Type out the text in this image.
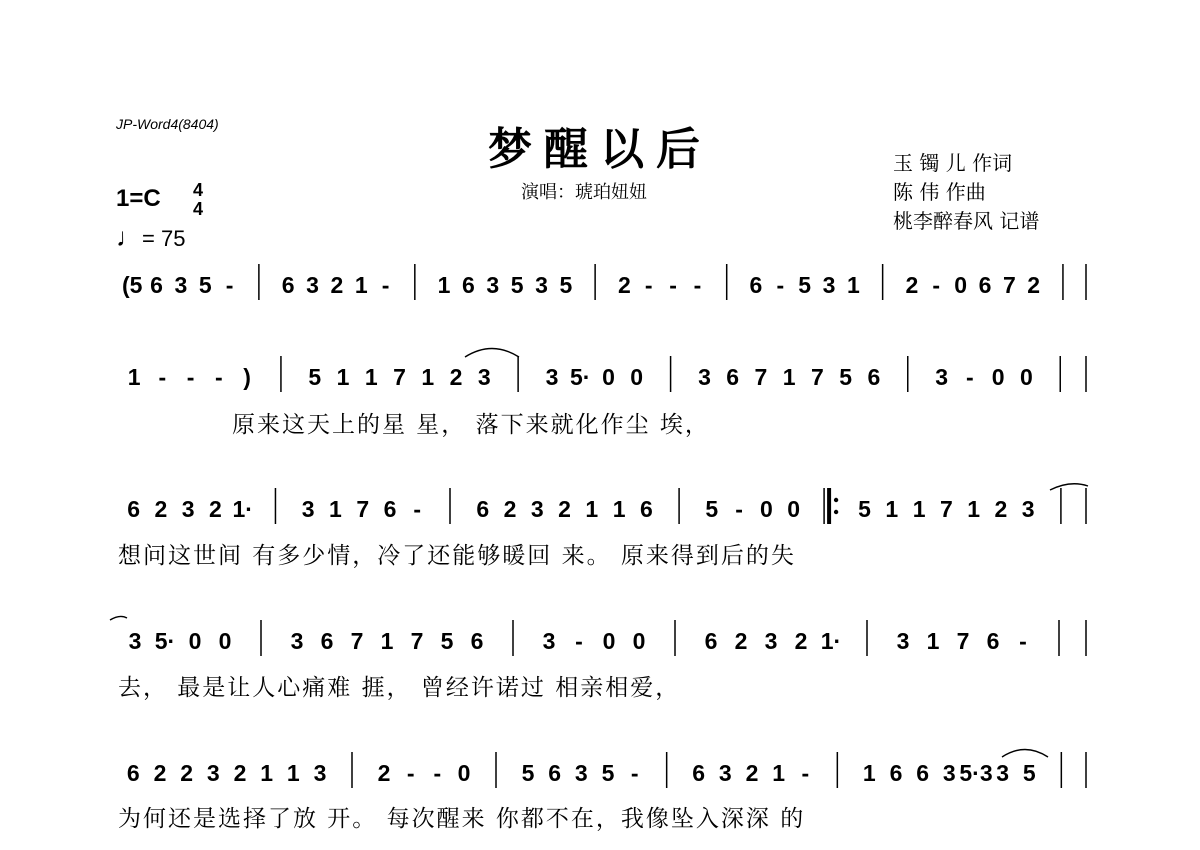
JP-Word4(8404)	梦醒以后
演唱：琥珀妞妞
玉 镯 儿 作词
陈 伟 作曲
桃李醉春风 记谱
1=C 4
4
♩= 75
(5 6 3 5 - 6 3 2 1 - 1 6 3 5 3 5 2 - - - 6 - 5 3 1 2 - 0 6 7 2
1 - - - )	5 1 1 7 1 2 3 3 5· 0 0 3 6 7 1 7 5 6 3 - 0 0
原来这天上的星 星， 落下来就化作尘 埃，
6 2 3 2 1· 3 1 7 6 - 6 2 3 2 1 1 6 5 - 0 0	5 1 1 7 1 2 3
想问这世间 有多少情，冷了还能够暖回 来。 原来得到后的失
3 5· 0 0	3 6 7 1 7 5 6	3 - 0 0	6 2 3 2 1· 3 1 7 6 -
去， 最是让人心痛难 捱， 曾经许诺过 相亲相爱，
6 2 2 3 2 1 1 3 2 - - 0 5 6 3 5 - 6 3 2 1 - 1 6 6 3 5·3 3 5
为何还是选择了放 开。 每次醒来 你都不在，我像坠入深深 的
